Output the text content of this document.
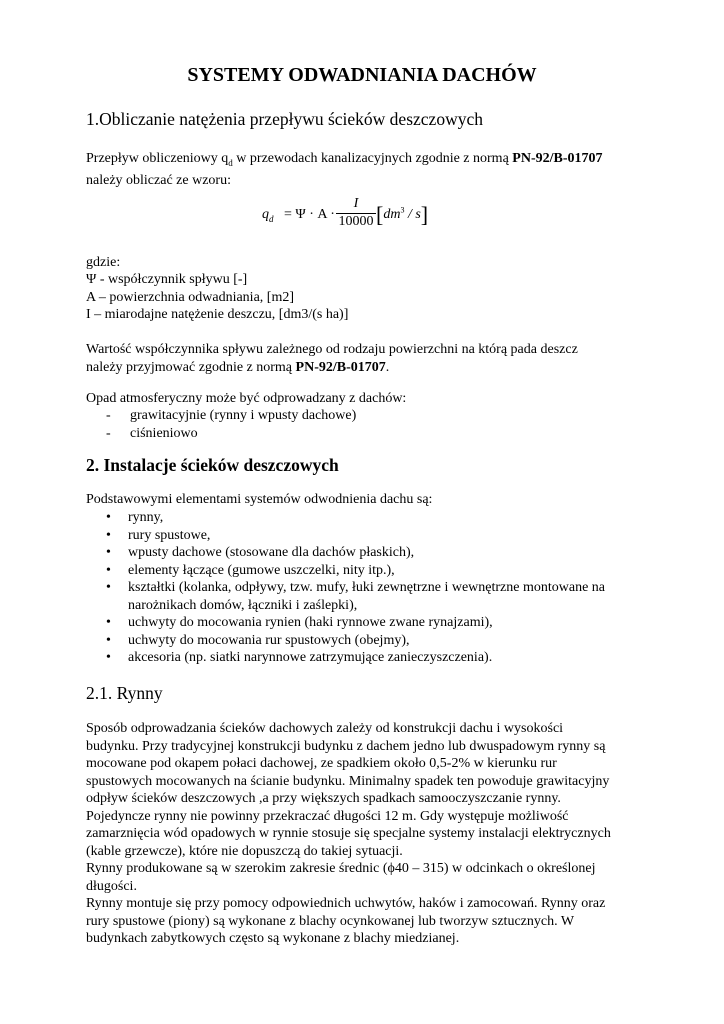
SYSTEMY ODWADNIANIA DACHÓW
1.Obliczanie natężenia przepływu ścieków deszczowych

Przepływ obliczeniowy $q_d$ w przewodach kanalizacyjnych zgodnie z normą PN-92/B-01707
należy obliczać ze wzoru:

$q_d = \Psi \cdot A$ ·
I
10000 $[dm^3 / s]$

gdzie:

Ψ - współczynnik spływu [-]

A – powierzchnia odwadniania, [m2]

I – miarodajne natężenie deszczu, [dm3/(s ha)]

Wartość współczynnika spływu zależnego od rodzaju powierzchni na którą pada deszcz
należy przyjmować zgodnie z normą PN-92/B-01707.

Opad atmosferyczny może być odprowadzany z dachów:

- grawitacyjnie (rynny i wpusty dachowe)
- ciśnieniowo
2. Instalacje ścieków deszczowych

Podstawowymi elementami systemów odwodnienia dachu są:

• rynny,
• rury spustowe,
• wpusty dachowe (stosowane dla dachów płaskich),
• elementy łączące (gumowe uszczelki, nity itp.),
• kształtki (kolanka, odpływy, tzw. mufy, łuki zewnętrzne i wewnętrzne montowane na narożnikach domów, łączniki i zaślepki),
• uchwyty do mocowania rynien (haki rynnowe zwane rynajzami),
• uchwyty do mocowania rur spustowych (obejmy),
• akcesoria (np. siatki narynnowe zatrzymujące zanieczyszczenia).
2.1. Rynny
Sposób odprowadzania ścieków dachowych zależy od konstrukcji dachu i wysokości
budynku. Przy tradycyjnej konstrukcji budynku z dachem jedno lub dwuspadowym rynny są
mocowane pod okapem połaci dachowej, ze spadkiem około 0,5-2% w kierunku rur
spustowych mocowanych na ścianie budynku. Minimalny spadek ten powoduje grawitacyjny
odpływ ścieków deszczowych ,a przy większych spadkach samooczyszczanie rynny.
Pojedyncze rynny nie powinny przekraczać długości 12 m. Gdy występuje możliwość
zamarznięcia wód opadowych w rynnie stosuje się specjalne systemy instalacji elektrycznych
(kable grzewcze), które nie dopuszczą do takiej sytuacji.
Rynny produkowane są w szerokim zakresie średnic (ϕ40 – 315) w odcinkach o określonej
długości.
Rynny montuje się przy pomocy odpowiednich uchwytów, haków i zamocowań. Rynny oraz
rury spustowe (piony) są wykonane z blachy ocynkowanej lub tworzyw sztucznych. W
budynkach zabytkowych często są wykonane z blachy miedzianej.
